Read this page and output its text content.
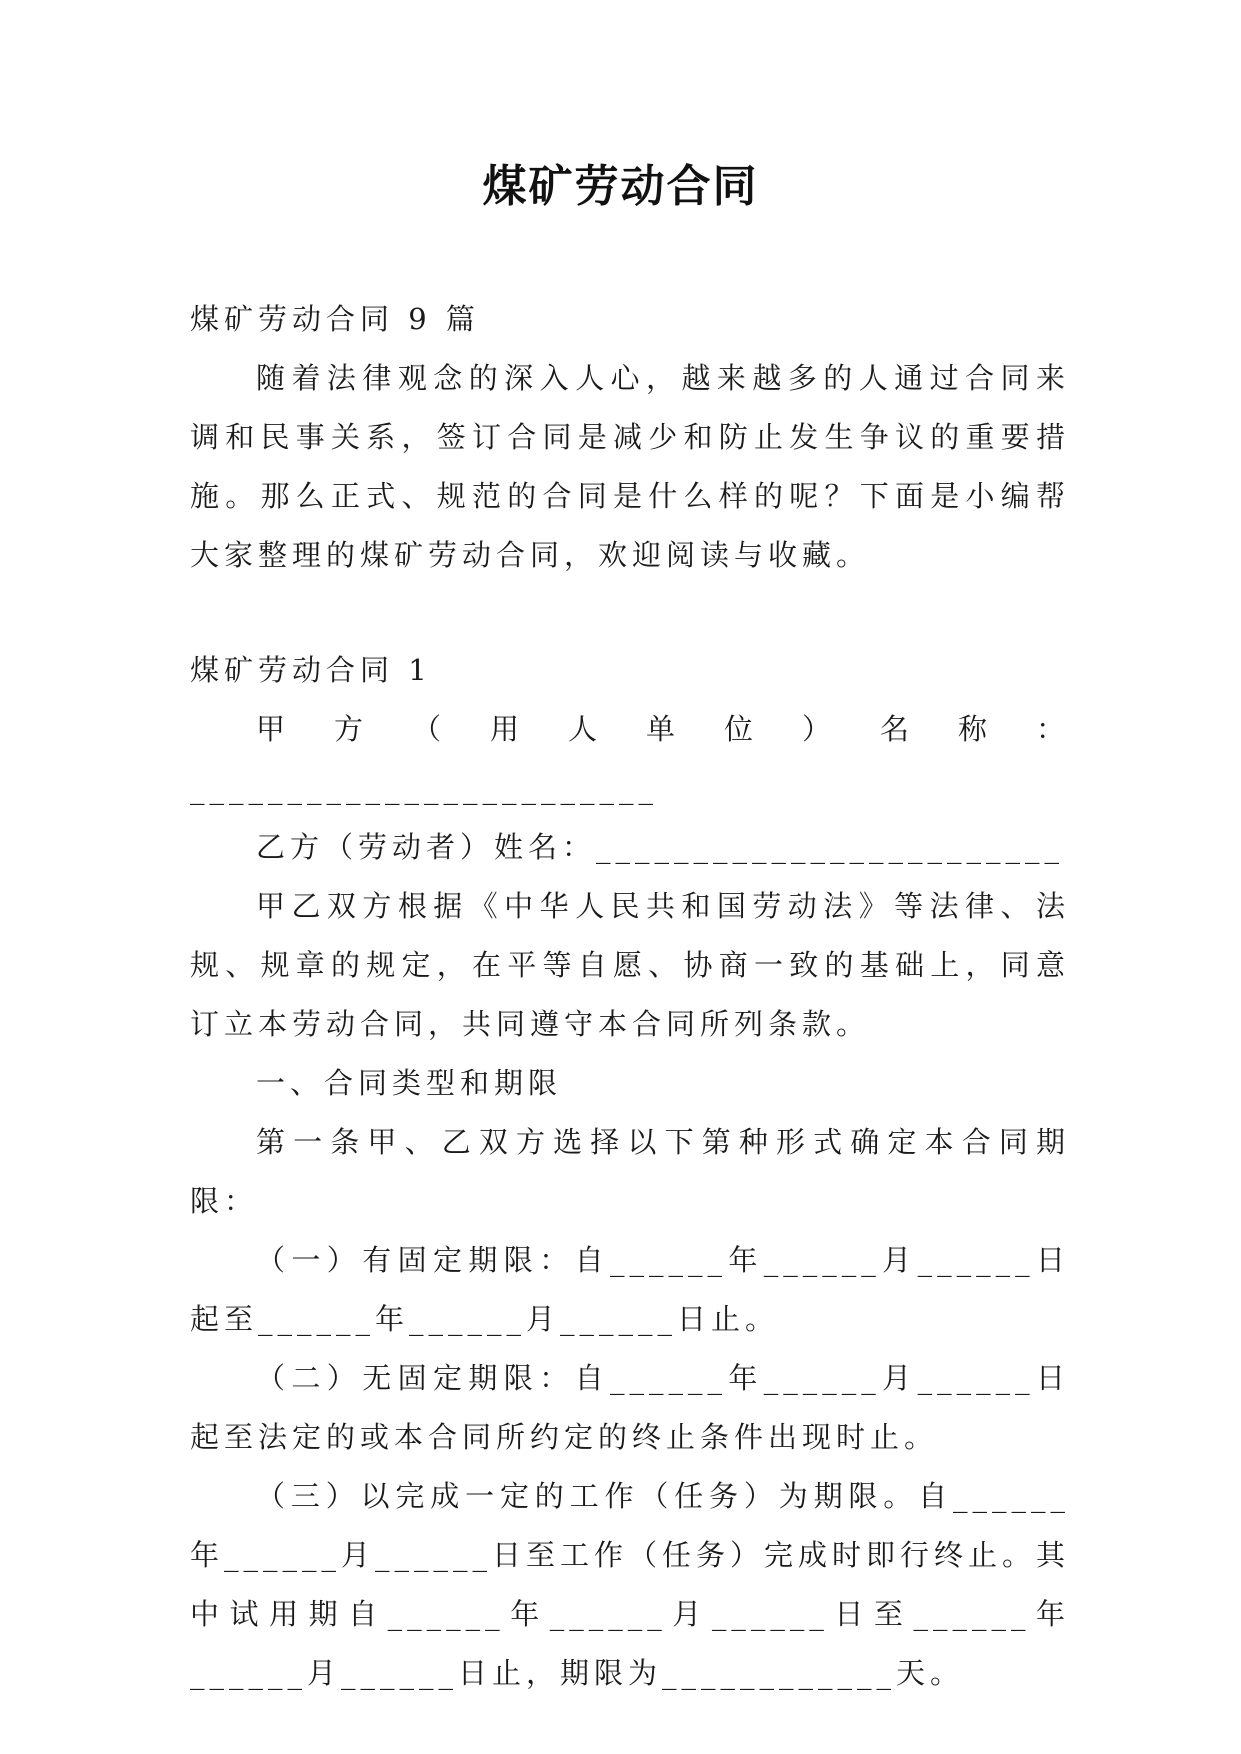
煤矿劳动合同

煤矿劳动合同 9 篇

随着法律观念的深入人心，越来越多的人通过合同来调和民事关系，签订合同是减少和防止发生争议的重要措施。那么正式、规范的合同是什么样的呢？下面是小编帮大家整理的煤矿劳动合同，欢迎阅读与收藏。

煤矿劳动合同 1

甲方（用人单位）名称：________________________

乙方（劳动者）姓名：________________________

甲乙双方根据《中华人民共和国劳动法》等法律、法规、规章的规定，在平等自愿、协商一致的基础上，同意订立本劳动合同，共同遵守本合同所列条款。

一、合同类型和期限

第一条甲、乙双方选择以下第种形式确定本合同期限：

（一）有固定期限：自______年______月______日起至______年______月______日止。

（二）无固定期限：自______年______月______日起至法定的或本合同所约定的终止条件出现时止。

（三）以完成一定的工作（任务）为期限。自______年______月______日至工作（任务）完成时即行终止。其中试用期自______年______月______日至______年______月______日止，期限为____________天。
